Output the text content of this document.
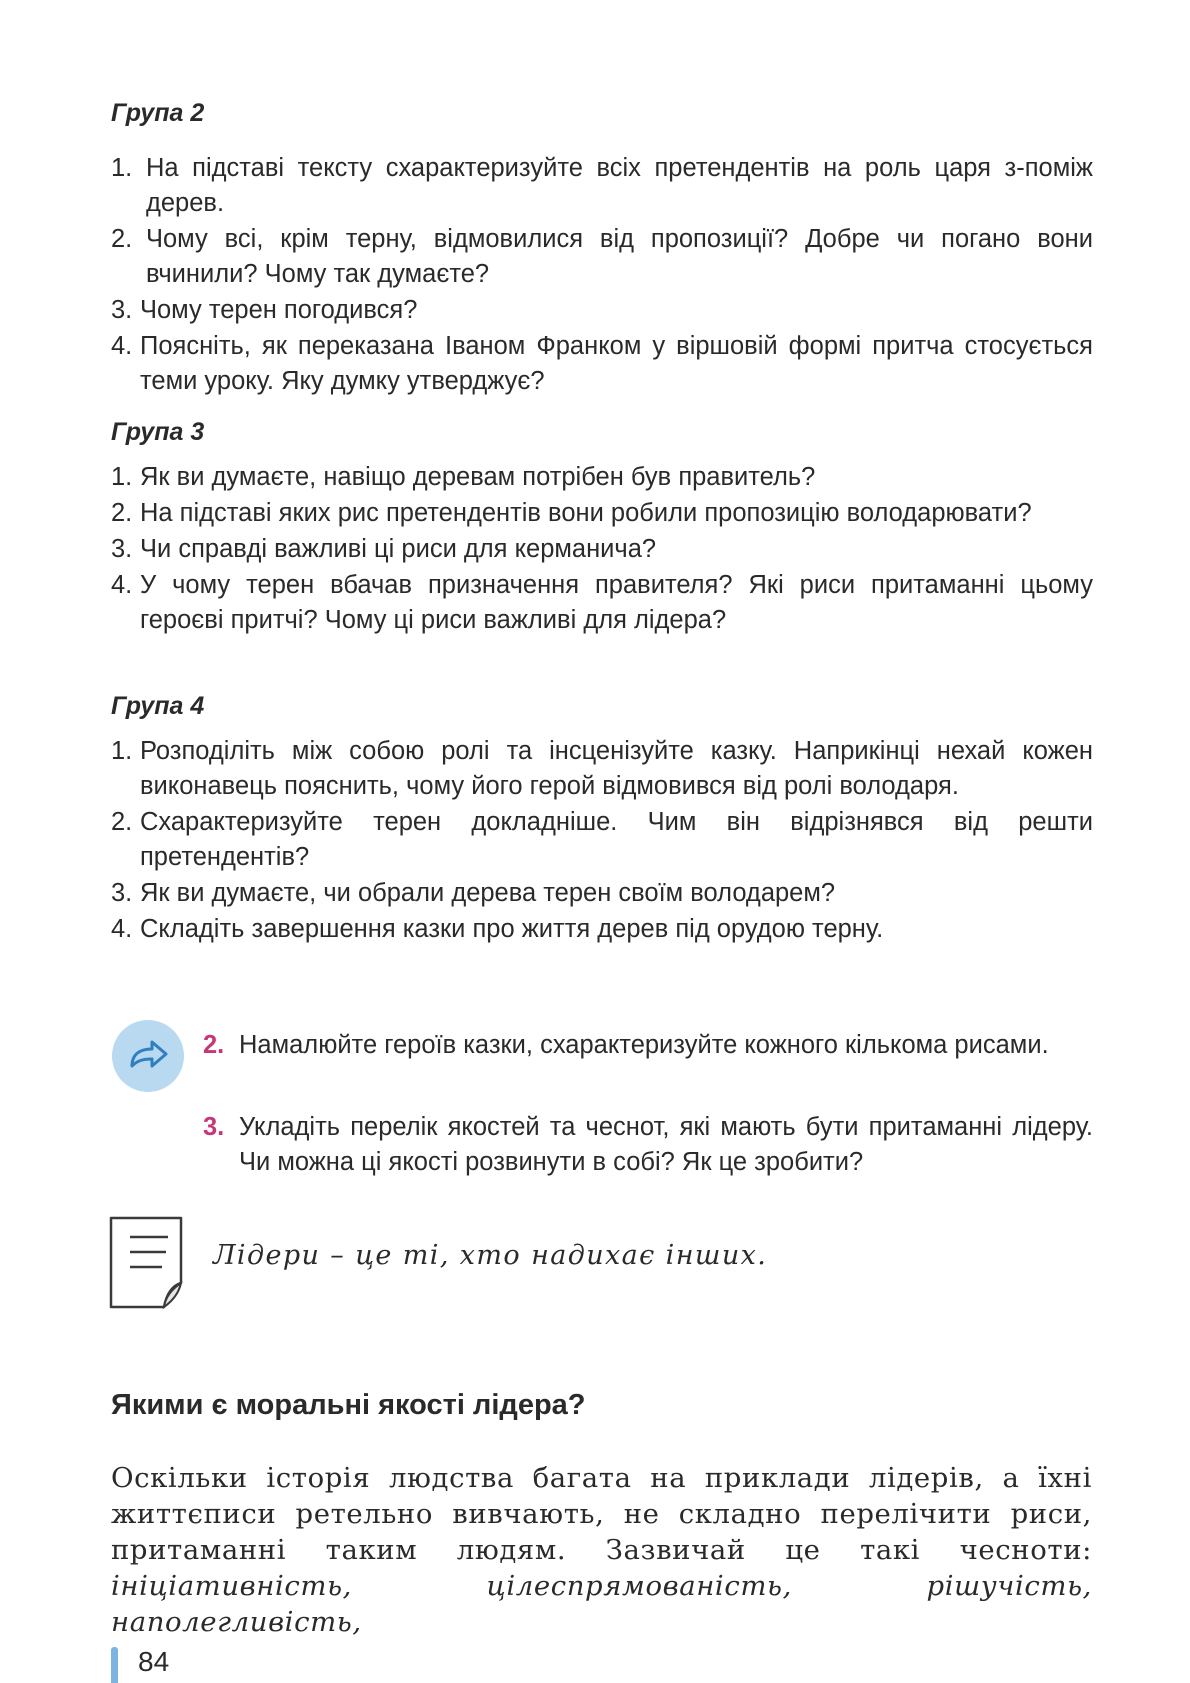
Група 2
1. На підставі тексту схарактеризуйте всіх претендентів на роль царя з-поміж дерев.
2. Чому всі, крім терну, відмовилися від пропозиції? Добре чи погано вони вчинили? Чому так думаєте?
3. Чому терен погодився?
4. Поясніть, як переказана Іваном Франком у віршовій формі притча стосується теми уроку. Яку думку утверджує?
Група 3
1. Як ви думаєте, навіщо деревам потрібен був правитель?
2. На підставі яких рис претендентів вони робили пропозицію володарювати?
3. Чи справді важливі ці риси для керманича?
4. У чому терен вбачав призначення правителя? Які риси притаманні цьому героєві притчі? Чому ці риси важливі для лідера?
Група 4
1. Розподіліть між собою ролі та інсценізуйте казку. Наприкінці нехай кожен виконавець пояснить, чому його герой відмовився від ролі володаря.
2. Схарактеризуйте терен докладніше. Чим він відрізнявся від решти претендентів?
3. Як ви думаєте, чи обрали дерева терен своїм володарем?
4. Складіть завершення казки про життя дерев під орудою терну.
2. Намалюйте героїв казки, схарактеризуйте кожного кількома рисами.
3. Укладіть перелік якостей та чеснот, які мають бути притаманні лідеру. Чи можна ці якості розвинути в собі? Як це зробити?
Лідери – це ті, хто надихає інших.
Якими є моральні якості лідера?
Оскільки історія людства багата на приклади лідерів, а їхні життєписи ретельно вивчають, не складно перелічити риси, притаманні таким людям. Зазвичай це такі чесноти: ініціативність, цілеспрямованість, рішучість, наполегливість,
84
